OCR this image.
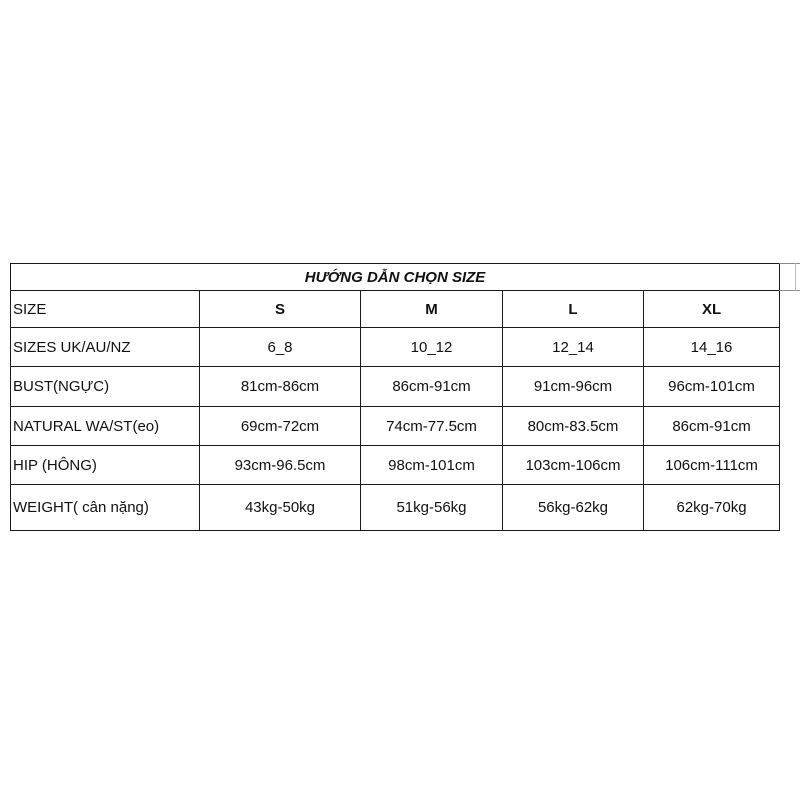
HƯỚNG DẪN CHỌN SIZE				
SIZE	S	M	L	XL
SIZES UK/AU/NZ	6_8	10_12	12_14	14_16
BUST(NGỰC)	81cm-86cm	86cm-91cm	91cm-96cm	96cm-101cm
NATURAL WA/ST(eo)	69cm-72cm	74cm-77.5cm	80cm-83.5cm	86cm-91cm
HIP (HÔNG)	93cm-96.5cm	98cm-101cm	103cm-106cm	106cm-111cm
WEIGHT( cân nặng)	43kg-50kg	51kg-56kg	56kg-62kg	62kg-70kg
